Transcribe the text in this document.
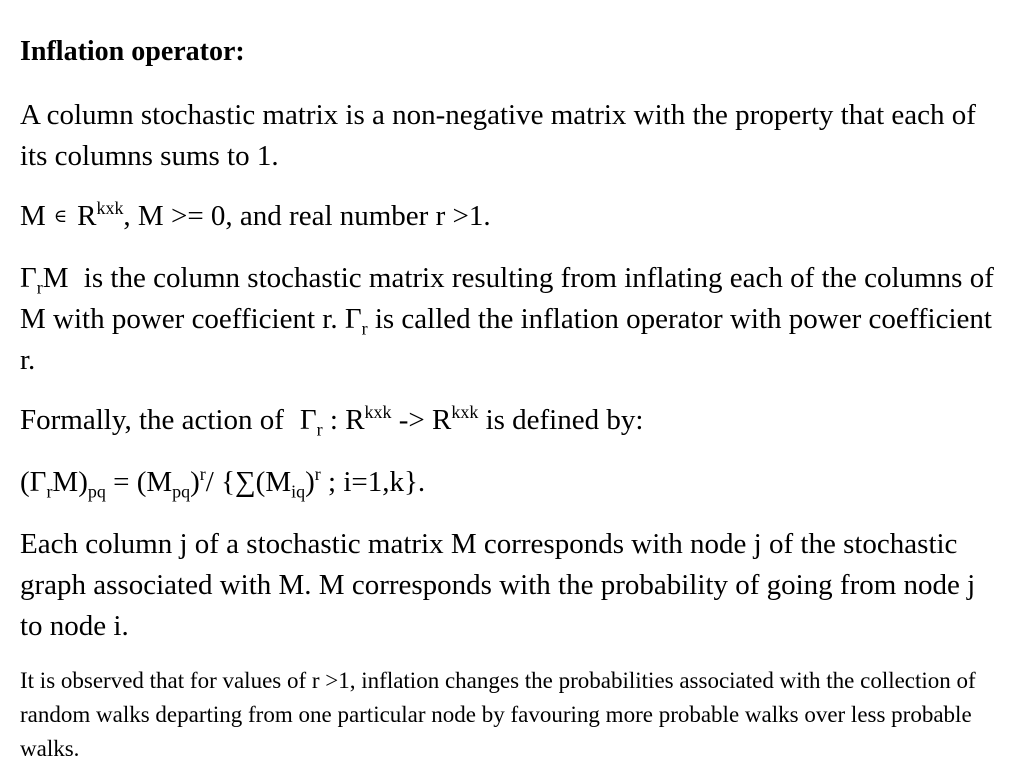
Inflation operator:

A column stochastic matrix is a non-negative matrix with the property that each of its columns sums to 1.

M ∈ $R^{kxk}$, M >= 0, and real number r >1.

$\Gamma_rM$ is the column stochastic matrix resulting from inflating each of the columns of M with power coefficient r. $\Gamma_r$ is called the inflation operator with power coefficient r.

Formally, the action of $\Gamma_r$ : $R^{kxk} -> R^{kxk}$ is defined by:

$(\Gamma_rM)_{pq} = (M_{pq})^r/$ {$\sum(M_{iq})^r$ ; i=1,k}.

Each column j of a stochastic matrix M corresponds with node j of the stochastic graph associated with M. M corresponds with the probability of going from node j to node i.

It is observed that for values of r >1, inflation changes the probabilities associated with the collection of random walks departing from one particular node by favouring more probable walks over less probable walks.
